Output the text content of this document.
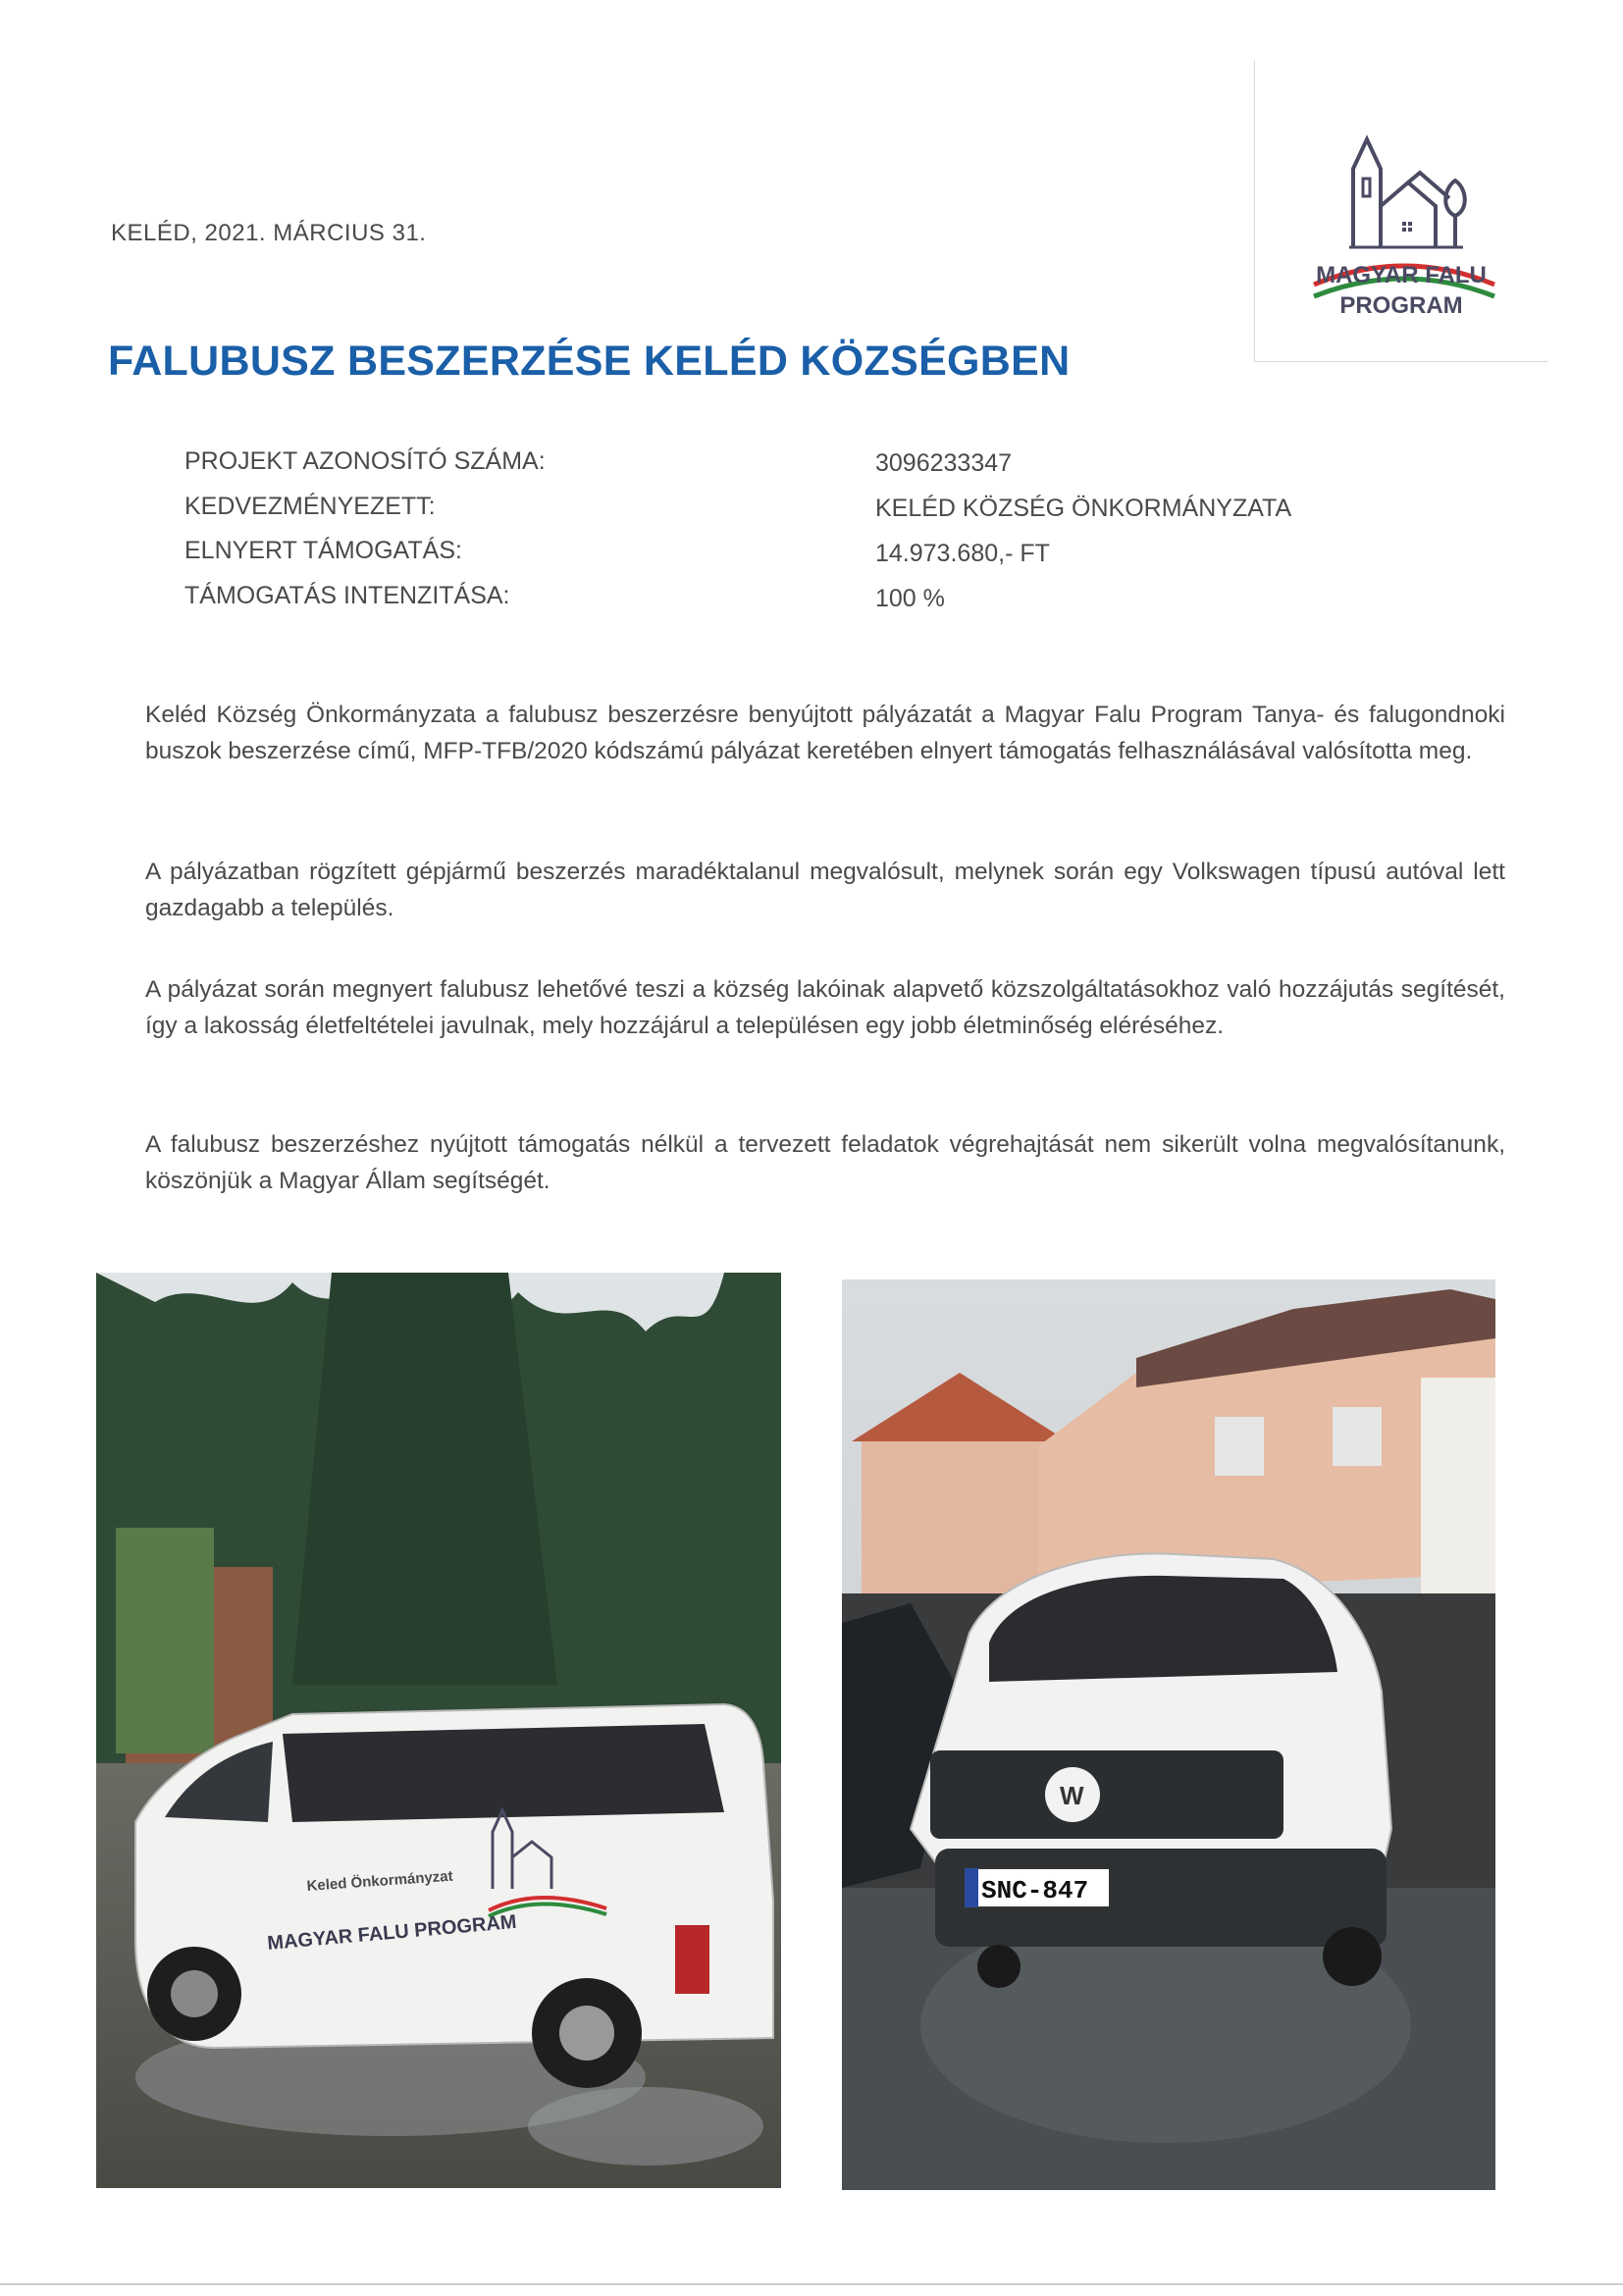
MAGYAR FALU
PROGRAM
KELÉD, 2021. MÁRCIUS 31.
FALUBUSZ BESZERZÉSE KELÉD KÖZSÉGBEN
PROJEKT AZONOSÍTÓ SZÁMA:	3096233347
KEDVEZMÉNYEZETT:	KELÉD KÖZSÉG ÖNKORMÁNYZATA
ELNYERT TÁMOGATÁS:	14.973.680,- FT
TÁMOGATÁS INTENZITÁSA:	100 %
Keléd Község Önkormányzata a falubusz beszerzésre benyújtott pályázatát a Magyar Falu Program Tanya- és falugondnoki buszok beszerzése című, MFP-TFB/2020 kódszámú pályázat keretében elnyert támogatás felhasználásával valósította meg.
A pályázatban rögzített gépjármű beszerzés maradéktalanul megvalósult, melynek során egy Volkswagen típusú autóval lett gazdagabb a település.
A pályázat során megnyert falubusz lehetővé teszi a község lakóinak alapvető közszolgáltatásokhoz való hozzájutás segítését, így a lakosság életfeltételei javulnak, mely hozzájárul a településen egy jobb életminőség eléréséhez.
A falubusz beszerzéshez nyújtott támogatás nélkül a tervezett feladatok végrehajtását nem sikerült volna megvalósítanunk, köszönjük a Magyar Állam segítségét.
Keled Önkormányzat
MAGYAR FALU PROGRAM
W
SNC-847
